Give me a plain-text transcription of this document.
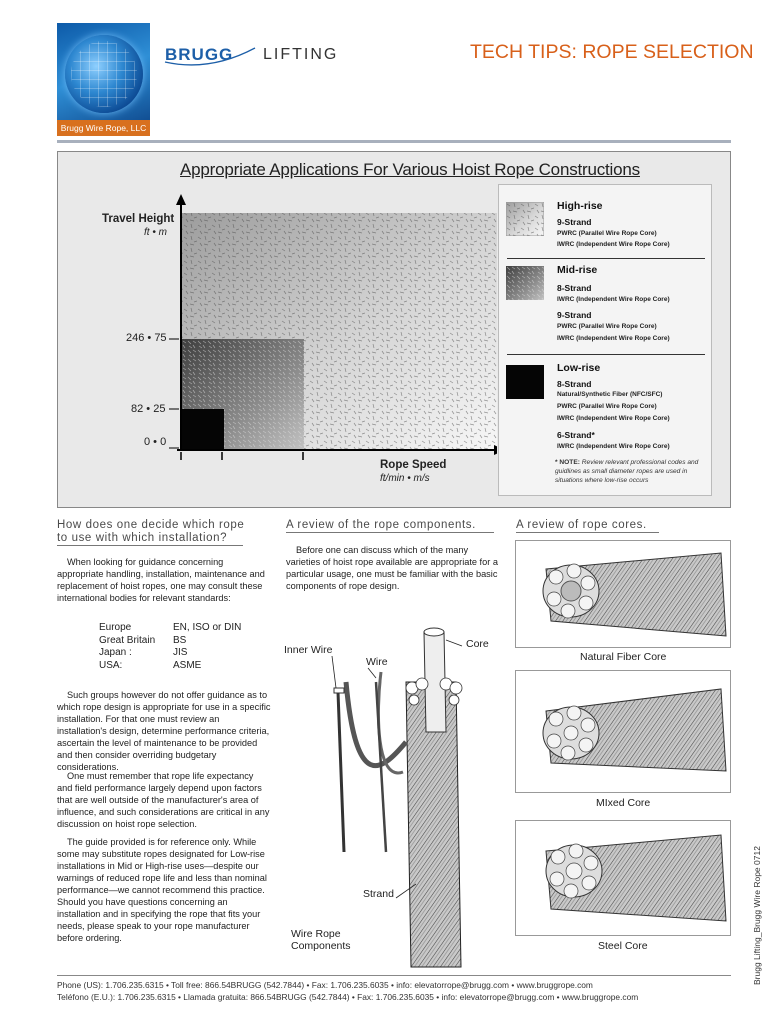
Brugg Wire Rope, LLC
BRUGG LIFTING	TECH TIPS: ROPE SELECTION
Appropriate Applications For Various Hoist Rope Constructions
Travel Height
ft • m
246 • 75
82 • 25
0 • 0
Rope Speed
ft/min • m/s
High-rise
9-Strand
PWRC (Parallel Wire Rope Core)
IWRC (Independent Wire Rope Core)
Mid-rise
8-Strand
IWRC (Independent Wire Rope Core)
9-Strand
PWRC (Parallel Wire Rope Core)
IWRC (Independent Wire Rope Core)
Low-rise
8-Strand
Natural/Synthetic Fiber (NFC/SFC)
PWRC (Parallel Wire Rope Core)
IWRC (Independent Wire Rope Core)
6-Strand*
IWRC (Independent Wire Rope Core)
* NOTE: Review relevant professional codes and guidlines as small diameter ropes are used in situations where low-rise occurs
How does one decide which rope
to use with which installation?
When looking for guidance concerning appropriate handling, installation, maintenance and replacement of hoist ropes, one may consult these international bodies for relevant standards:
Europe	EN, ISO or DIN
Great Britain BS
Japan :	JIS
USA:	ASME
Such groups however do not offer guidance as to which rope design is appropriate for use in a specific installation. For that one must review an installation's design, determine performance criteria, ascertain the level of maintenance to be provided and then consider overriding budgetary considerations.
One must remember that rope life expectancy and field performance largely depend upon factors that are well outside of the manufacturer's area of influence, and such considerations are critical in any discussion on hoist rope selection.
The guide provided is for reference only. While some may substitute ropes designated for Low-rise installations in Mid or High-rise uses—despite our warnings of reduced rope life and less than nominal performance—we cannot recommend this practice. Should you have questions concerning an installation and in specifying the rope that fits your needs, please speak to your rope manufacturer before ordering.
A review of the rope components.
Before one can discuss which of the many varieties of hoist rope available are appropriate for a particular usage, one must be familiar with the basic components of rope design.
Inner Wire
Wire
Core
Strand
Wire Rope
Components
A review of rope cores.
Natural Fiber Core
MIxed Core
Steel Core	Brugg Lifting_Brugg Wire Rope 0712
Phone (US): 1.706.235.6315 • Toll free: 866.54BRUGG (542.7844) • Fax: 1.706.235.6035 • info: elevatorrope@brugg.com • www.bruggrope.com
Teléfono (E.U.): 1.706.235.6315 • Llamada gratuita: 866.54BRUGG (542.7844) • Fax: 1.706.235.6035 • info: elevatorrope@brugg.com • www.bruggrope.com
